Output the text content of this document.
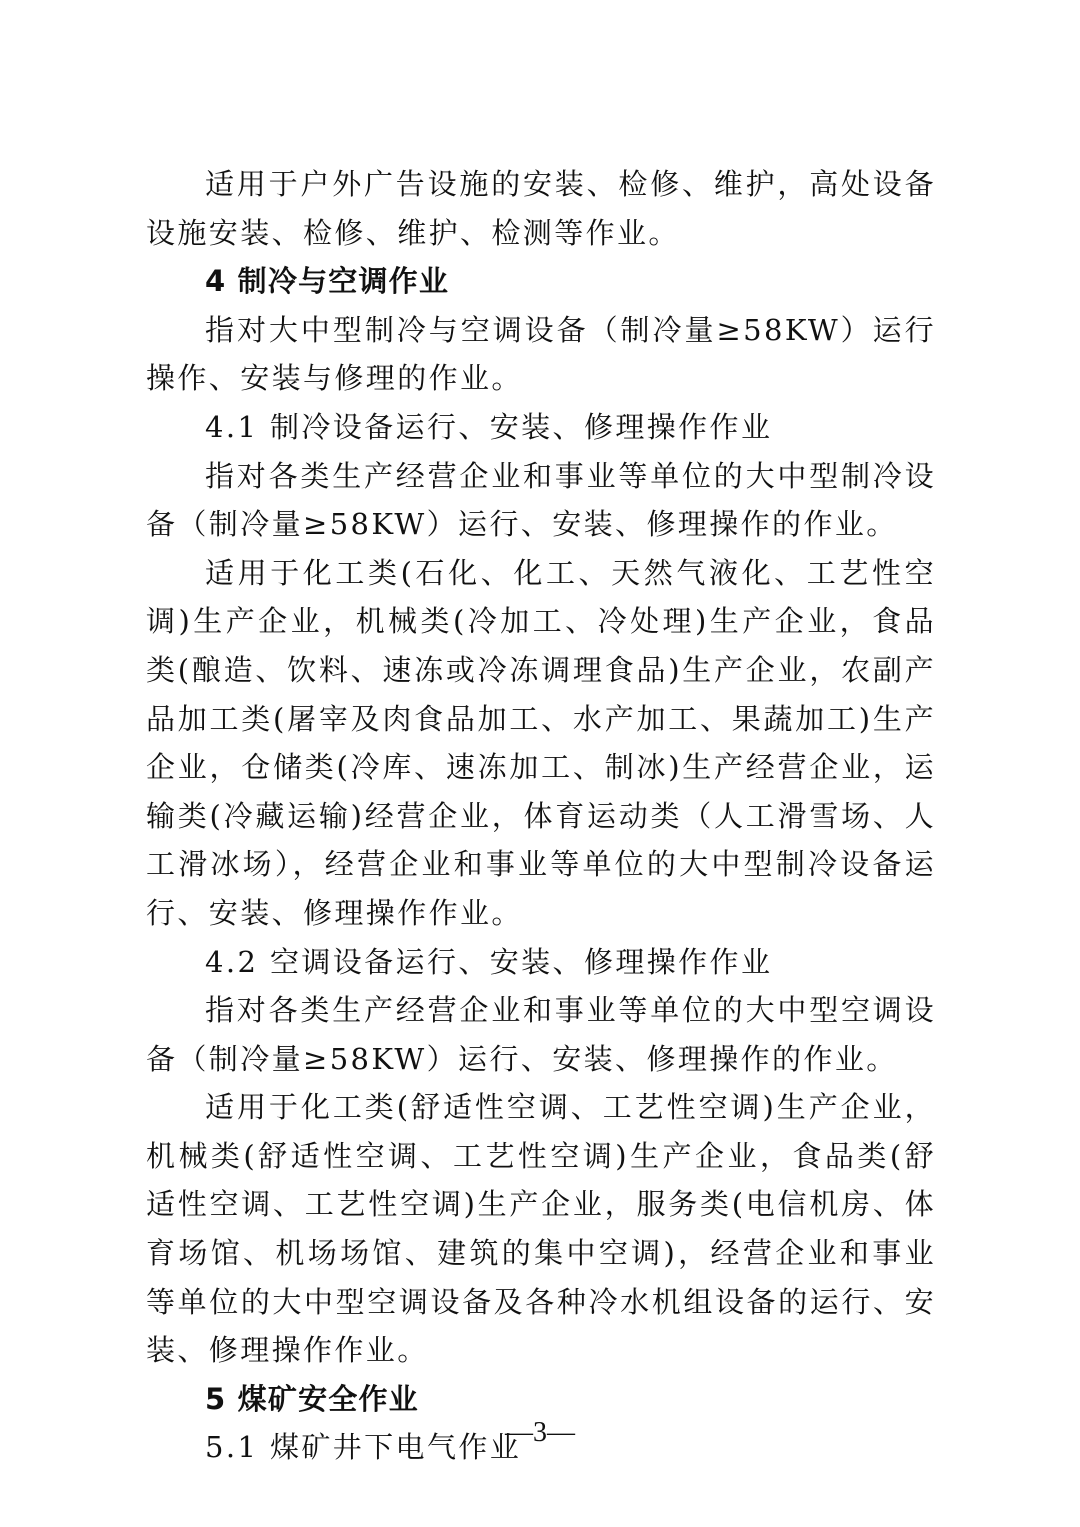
适用于户外广告设施的安装、检修、维护，高处设备设施安装、检修、维护、检测等作业。

4 制冷与空调作业

指对大中型制冷与空调设备（制冷量≥58KW）运行操作、安装与修理的作业。

4.1 制冷设备运行、安装、修理操作作业

指对各类生产经营企业和事业等单位的大中型制冷设备（制冷量≥58KW）运行、安装、修理操作的作业。

适用于化工类(石化、化工、天然气液化、工艺性空调)生产企业，机械类(冷加工、冷处理)生产企业，食品类(酿造、饮料、速冻或冷冻调理食品)生产企业，农副产品加工类(屠宰及肉食品加工、水产加工、果蔬加工)生产企业，仓储类(冷库、速冻加工、制冰)生产经营企业，运输类(冷藏运输)经营企业，体育运动类（人工滑雪场、人工滑冰场），经营企业和事业等单位的大中型制冷设备运行、安装、修理操作作业。

4.2 空调设备运行、安装、修理操作作业

指对各类生产经营企业和事业等单位的大中型空调设备（制冷量≥58KW）运行、安装、修理操作的作业。

适用于化工类(舒适性空调、工艺性空调)生产企业，机械类(舒适性空调、工艺性空调)生产企业，食品类(舒适性空调、工艺性空调)生产企业，服务类(电信机房、体育场馆、机场场馆、建筑的集中空调)，经营企业和事业等单位的大中型空调设备及各种冷水机组设备的运行、安装、修理操作作业。

5 煤矿安全作业

5.1 煤矿井下电气作业

—3—
